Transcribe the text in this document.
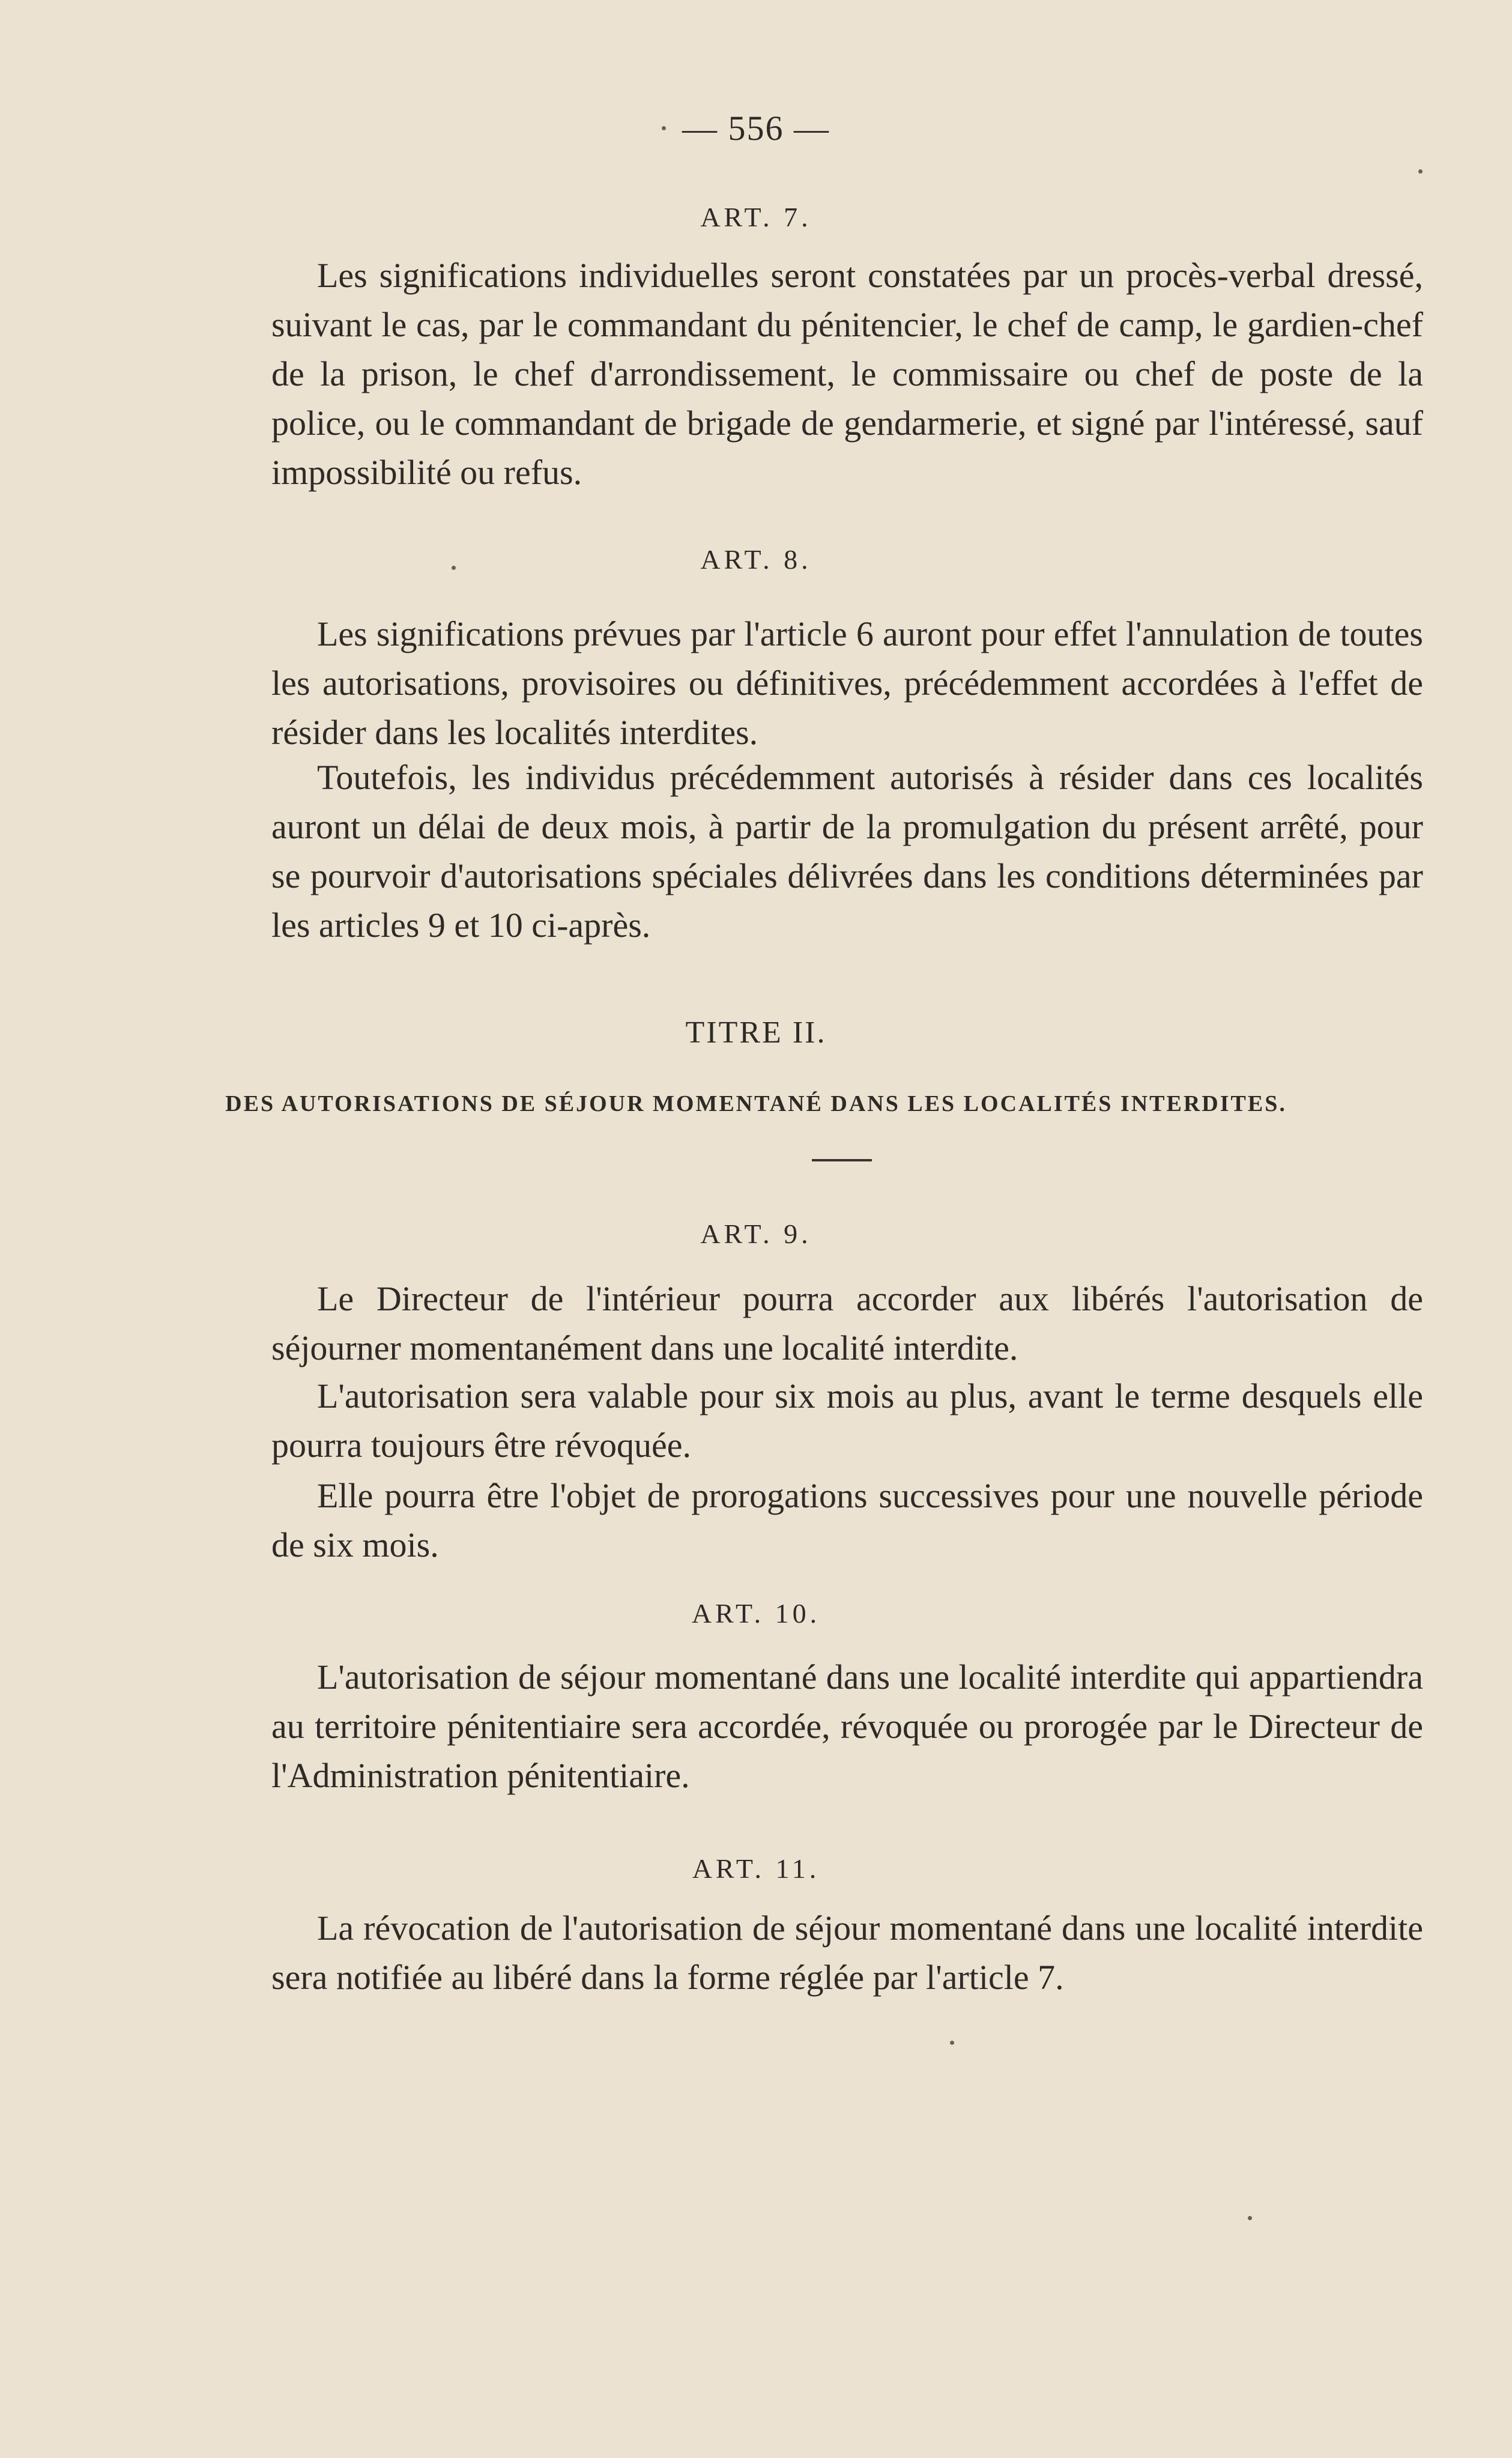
— 556 —
ART. 7.

Les significations individuelles seront constatées par un procès-verbal dressé, suivant le cas, par le commandant du pénitencier, le chef de camp, le gardien-chef de la prison, le chef d'arrondissement, le commissaire ou chef de poste de la police, ou le commandant de brigade de gendarmerie, et signé par l'intéressé, sauf impossibilité ou refus.

ART. 8.

Les significations prévues par l'article 6 auront pour effet l'annulation de toutes les autorisations, provisoires ou définitives, précédemment accordées à l'effet de résider dans les localités interdites.

Toutefois, les individus précédemment autorisés à résider dans ces localités auront un délai de deux mois, à partir de la promulgation du présent arrêté, pour se pourvoir d'autorisations spéciales délivrées dans les conditions déterminées par les articles 9 et 10 ci-après.

TITRE II.
DES AUTORISATIONS DE SÉJOUR MOMENTANÉ DANS LES LOCALITÉS INTERDITES.
ART. 9.

Le Directeur de l'intérieur pourra accorder aux libérés l'autorisation de séjourner momentanément dans une localité interdite.

L'autorisation sera valable pour six mois au plus, avant le terme desquels elle pourra toujours être révoquée.

Elle pourra être l'objet de prorogations successives pour une nouvelle période de six mois.

ART. 10.

L'autorisation de séjour momentané dans une localité interdite qui appartiendra au territoire pénitentiaire sera accordée, révoquée ou prorogée par le Directeur de l'Administration pénitentiaire.

ART. 11.

La révocation de l'autorisation de séjour momentané dans une localité interdite sera notifiée au libéré dans la forme réglée par l'article 7.
